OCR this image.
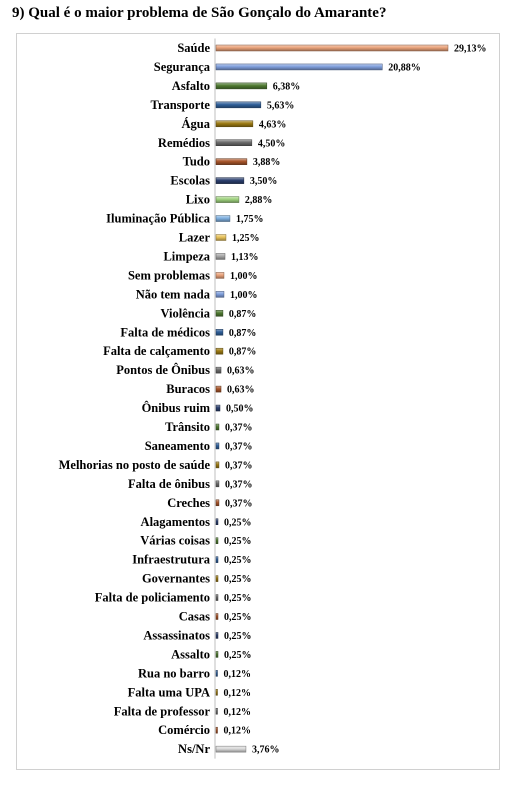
9) Qual é o maior problema de São Gonçalo do Amarante?
Saúde	29,13%
Segurança	20,88%
Asfalto	6,38%
Transporte	5,63%
Água	4,63%
Remédios	4,50%
Tudo	3,88%
Escolas	3,50%
Lixo	2,88%
Iluminação Pública	1,75%
Lazer 1,25%
Limpeza 1,13%
Sem problemas 1,00%
Não tem nada 1,00%
Violência 0,87%
Falta de médicos 0,87%
Falta de calçamento 0,87%
Pontos de Ônibus 0,63%
Buracos 0,63%
Ônibus ruim 0,50%
Trânsito 0,37%
Saneamento 0,37%
Melhorias no posto de saúde 0,37%
Falta de ônibus 0,37%
Creches 0,37%
Alagamentos 0,25%
Várias coisas 0,25%
Infraestrutura 0,25%
Governantes 0,25%
Falta de policiamento 0,25%
Casas 0,25%
Assassinatos 0,25%
Assalto 0,25%
Rua no barro 0,12%
Falta uma UPA 0,12%
Falta de professor 0,12%
Comércio 0,12%
Ns/Nr	3,76%
